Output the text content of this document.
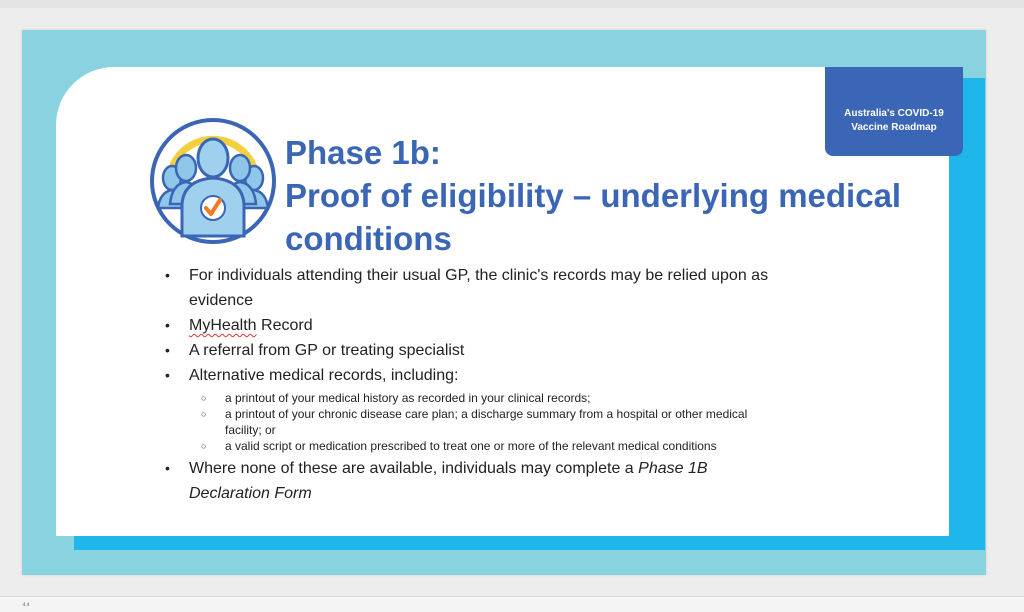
Australia's COVID-19
Vaccine Roadmap
Phase 1b:
Proof of eligibility – underlying medical
conditions
• For individuals attending their usual GP, the clinic's records may be relied upon as evidence
• MyHealth Record
• A referral from GP or treating specialist
• Alternative medical records, including:
○ a printout of your medical history as recorded in your clinical records;
○ a printout of your chronic disease care plan; a discharge summary from a hospital or other medical facility; or
○ a valid script or medication prescribed to treat one or more of the relevant medical conditions
• Where none of these are available, individuals may complete a Phase 1B Declaration Form
⁴⁴
